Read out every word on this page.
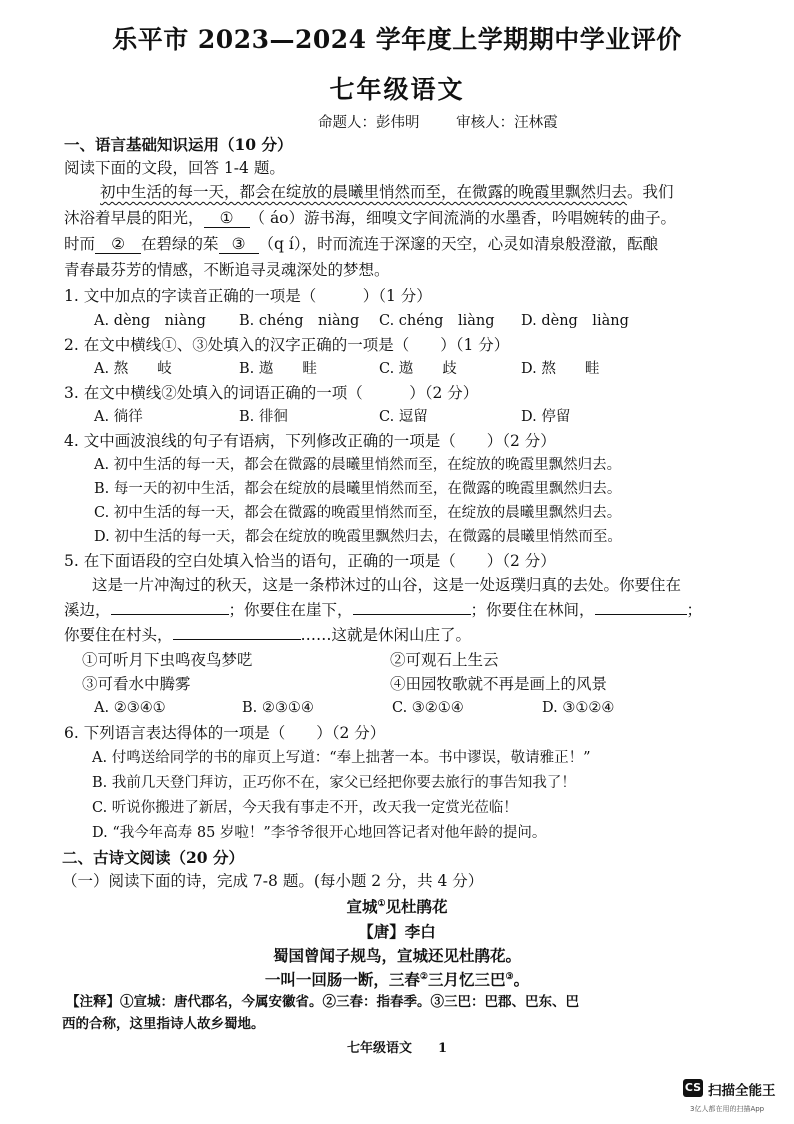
乐平市 2023—2024 学年度上学期期中学业评价
七年级语文
命题人：彭伟明	审核人：汪林霞
一、语言基础知识运用（10 分）
阅读下面的文段，回答 1-4 题。
初中生活的每一天，都会在绽放的晨曦里悄然而至，在微露的晚霞里飘然归去。我们
沐浴着早晨的阳光， ① （ áo）游书海，细嗅文字间流淌的水墨香，吟唱婉转的曲子。
时而 ② 在碧绿的茱 ③ （q í），时而流连于深邃的天空，心灵如清泉般澄澈，酝酿
青春最芬芳的情感，不断追寻灵魂深处的梦想。
1. 文中加点的字读音正确的一项是（　　　）（1 分）
A. dèng　niàng B. chéng　niàng C. chéng　liàng D. dèng　liàng
2. 在文中横线①、③处填入的汉字正确的一项是（　　）（1 分）
A. 熬　　岐	B. 遨　　畦	C. 遨　　歧	D. 熬　　畦
3. 在文中横线②处填入的词语正确的一项（　　　）（2 分）
A. 徜徉	B. 徘徊	C. 逗留	D. 停留
4. 文中画波浪线的句子有语病，下列修改正确的一项是（　　）（2 分）
A. 初中生活的每一天，都会在微露的晨曦里悄然而至，在绽放的晚霞里飘然归去。
B. 每一天的初中生活，都会在绽放的晨曦里悄然而至，在微露的晚霞里飘然归去。
C. 初中生活的每一天，都会在微露的晚霞里悄然而至，在绽放的晨曦里飘然归去。
D. 初中生活的每一天，都会在绽放的晚霞里飘然归去，在微露的晨曦里悄然而至。
5. 在下面语段的空白处填入恰当的语句，正确的一项是（　　）（2 分）
这是一片冲淘过的秋天，这是一条栉沐过的山谷，这是一处返璞归真的去处。你要住在
溪边，	；你要住在崖下，	；你要住在林间，	；
你要住在村头，	……这就是休闲山庄了。
①可听月下虫鸣夜鸟梦呓	②可观石上生云
③可看水中腾雾	④田园牧歌就不再是画上的风景
A. ②③④①	B. ②③①④	C. ③②①④	D. ③①②④
6. 下列语言表达得体的一项是（　　）（2 分）
A. 付鸣送给同学的书的扉页上写道：“奉上拙著一本。书中谬误，敬请雅正！”
B. 我前几天登门拜访，正巧你不在，家父已经把你要去旅行的事告知我了！
C. 听说你搬进了新居，今天我有事走不开，改天我一定赏光莅临！
D. “我今年高寿 85 岁啦！”李爷爷很开心地回答记者对他年龄的提问。
二、古诗文阅读（20 分）
（一）阅读下面的诗，完成 7-8 题。(每小题 2 分，共 4 分）
宣城①见杜鹃花
【唐】李白
蜀国曾闻子规鸟，宣城还见杜鹃花。
一叫一回肠一断，三春②三月忆三巴③。
【注释】①宣城：唐代郡名，今属安徽省。②三春：指春季。③三巴：巴郡、巴东、巴
西的合称，这里指诗人故乡蜀地。
七年级语文　　1
CS 扫描全能王
3亿人都在用的扫描App
